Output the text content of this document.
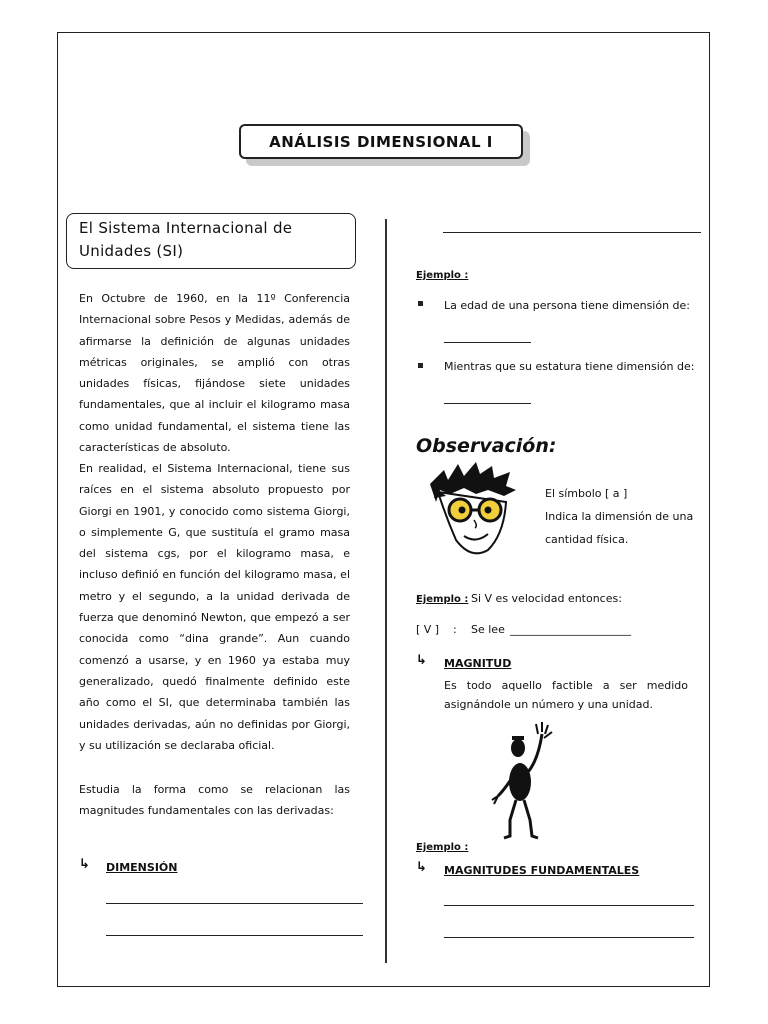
ANÁLISIS DIMENSIONAL I
El Sistema Internacional de
Unidades (SI)
En Octubre de 1960, en la 11º Conferencia Internacional sobre Pesos y Medidas, además de afirmarse la definición de algunas unidades métricas originales, se amplió con otras unidades físicas, fijándose siete unidades fundamentales, que al incluir el kilogramo masa como unidad fundamental, el sistema tiene las características de absoluto.
En realidad, el Sistema Internacional, tiene sus raíces en el sistema absoluto propuesto por Giorgi en 1901, y conocido como sistema Giorgi, o simplemente G, que sustituía el gramo masa del sistema cgs, por el kilogramo masa, e incluso definió en función del kilogramo masa, el metro y el segundo, a la unidad derivada de fuerza que denominó Newton, que empezó a ser conocida como “dina grande”. Aun cuando comenzó a usarse, y en 1960 ya estaba muy generalizado, quedó finalmente definido este año como el SI, que determinaba también las unidades derivadas, aún no definidas por Giorgi, y su utilización se declaraba oficial.
Estudia la forma como se relacionan las magnitudes fundamentales con las derivadas:
↳ DIMENSIÓN
Ejemplo :
La edad de una persona tiene dimensión de:
Mientras que su estatura tiene dimensión de:
Observación:
El símbolo [ a ]
Indica la dimensión de una
cantidad física.
Ejemplo : Si V es velocidad entonces:
[ V ] : Se lee ______________________
↳ MAGNITUD
Es todo aquello factible a ser medido asignándole un número y una unidad.
Ejemplo :
↳ MAGNITUDES FUNDAMENTALES
